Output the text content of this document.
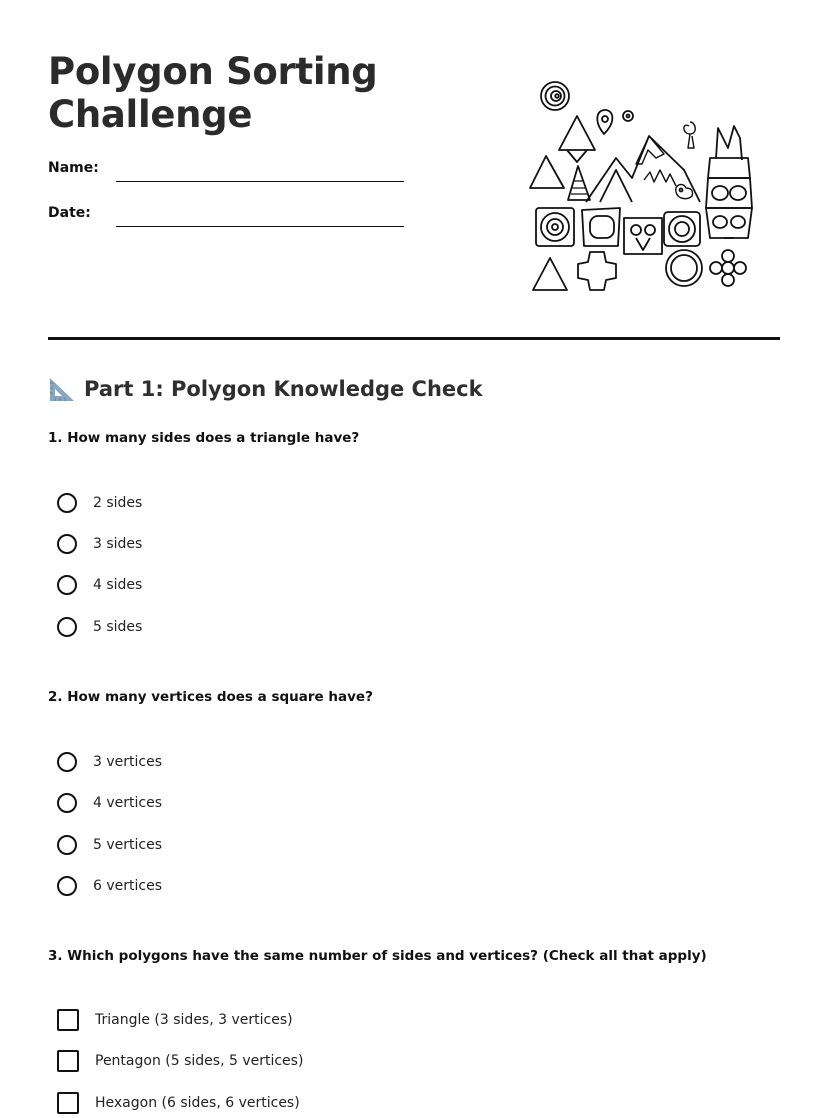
Polygon Sorting
Challenge
Name:
Date:
Part 1: Polygon Knowledge Check

1. How many sides does a triangle have?

2 sides
3 sides
4 sides
5 sides

2. How many vertices does a square have?

3 vertices
4 vertices
5 vertices
6 vertices

3. Which polygons have the same number of sides and vertices? (Check all that apply)

Triangle (3 sides, 3 vertices)
Pentagon (5 sides, 5 vertices)
Hexagon (6 sides, 6 vertices)
